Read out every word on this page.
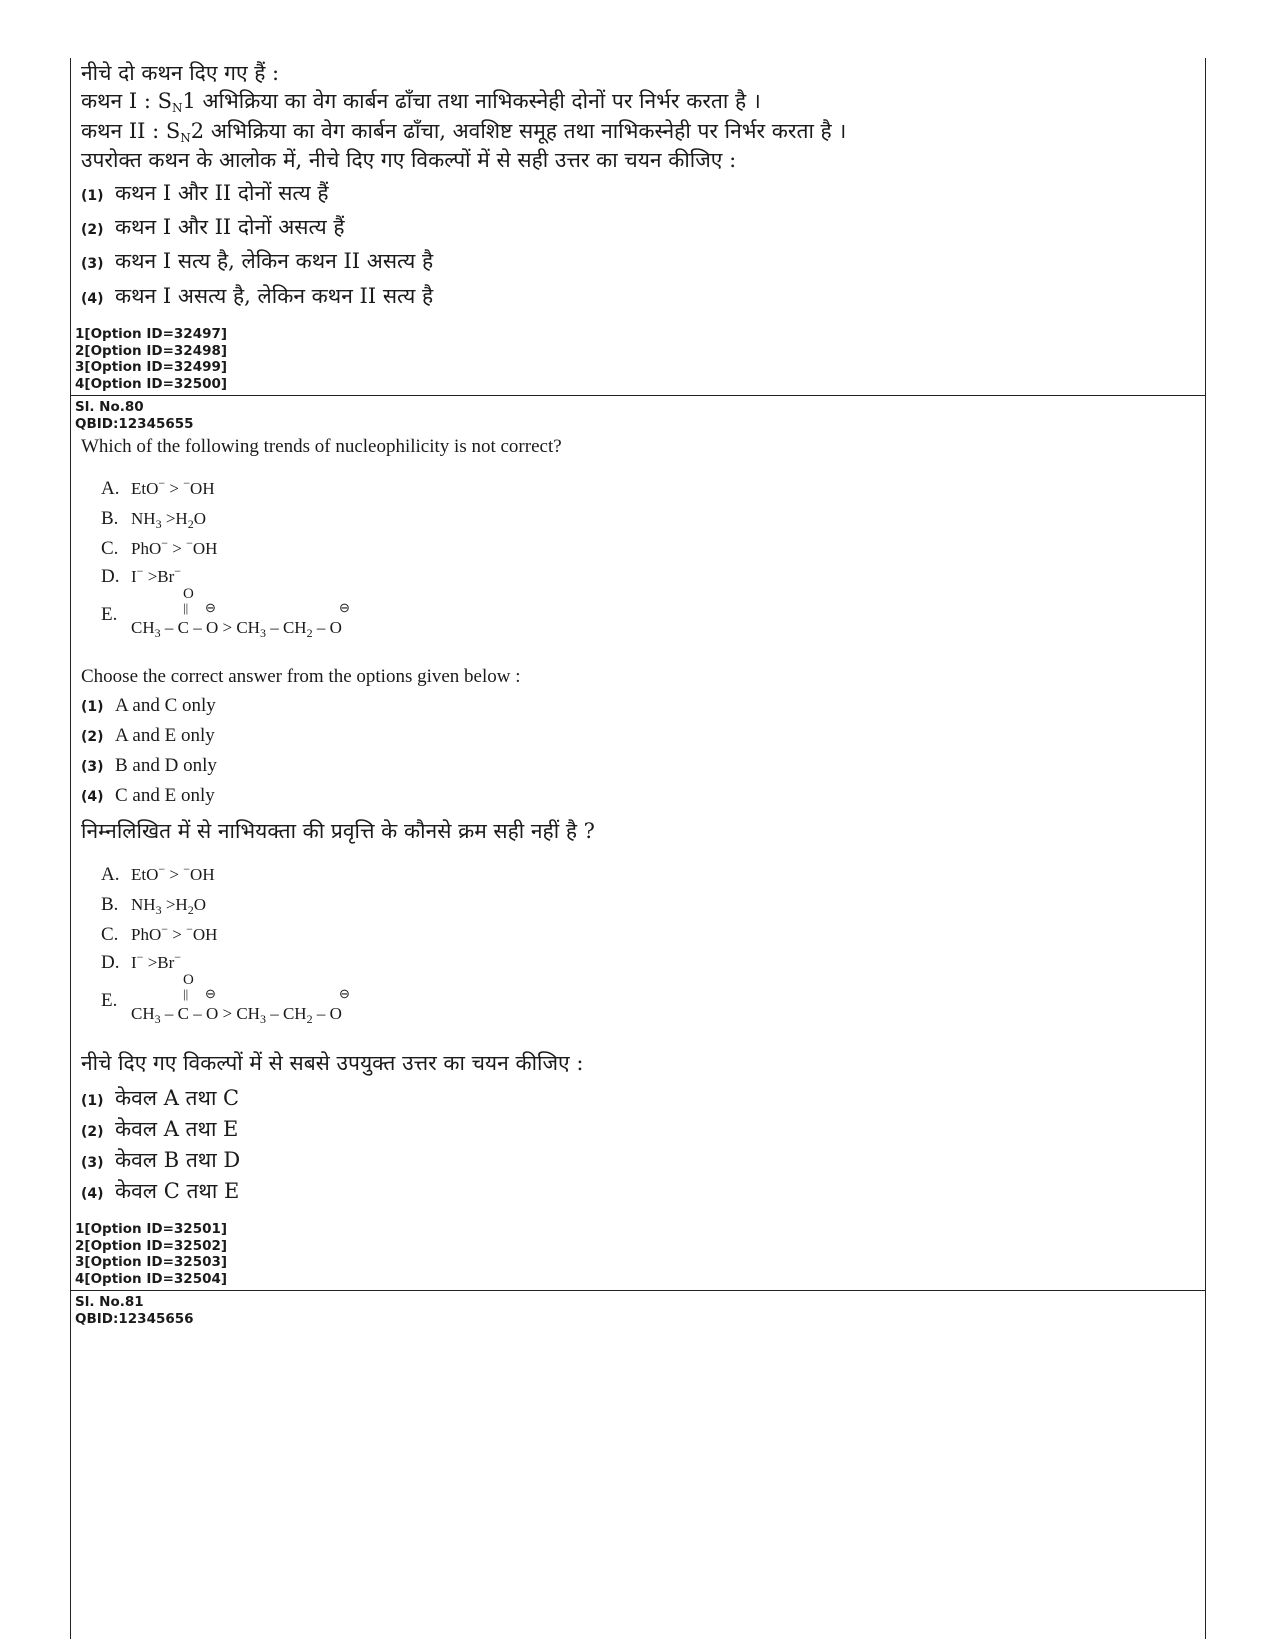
नीचे दो कथन दिए गए हैं :
कथन I : $S_N1$ अभिक्रिया का वेग कार्बन ढाँचा तथा नाभिकस्नेही दोनों पर निर्भर करता है ।
कथन II : $S_N2$ अभिक्रिया का वेग कार्बन ढाँचा, अवशिष्ट समूह तथा नाभिकस्नेही पर निर्भर करता है ।
उपरोक्त कथन के आलोक में, नीचे दिए गए विकल्पों में से सही उत्तर का चयन कीजिए :
(1) कथन I और II दोनों सत्य हैं
(2) कथन I और II दोनों असत्य हैं
(3) कथन I सत्य है, लेकिन कथन II असत्य है
(4) कथन I असत्य है, लेकिन कथन II सत्य है
1[Option ID=32497]
2[Option ID=32498]
3[Option ID=32499]
4[Option ID=32500]
Sl. No.80
QBID:12345655
Which of the following trends of nucleophilicity is not correct?
A. EtO− > −OH
B. $NH_3 >H_2O$
C. PhO− > −OH
D. I− >Br−
E.
O
|| ⊖	⊖
$CH_3 - C - O > CH_3 - CH_2 - O$
Choose the correct answer from the options given below :
(1) A and C only
(2) A and E only
(3) B and D only
(4) C and E only
निम्नलिखित में से नाभियक्ता की प्रवृत्ति के कौनसे क्रम सही नहीं है ?
A. EtO− > −OH
B. $NH_3 >H_2O$
C. PhO− > −OH
D. I− >Br−
E.
O
|| ⊖	⊖
$CH_3 - C - O > CH_3 - CH_2 - O$
नीचे दिए गए विकल्पों में से सबसे उपयुक्त उत्तर का चयन कीजिए :
(1) केवल A तथा C
(2) केवल A तथा E
(3) केवल B तथा D
(4) केवल C तथा E
1[Option ID=32501]
2[Option ID=32502]
3[Option ID=32503]
4[Option ID=32504]
Sl. No.81
QBID:12345656
